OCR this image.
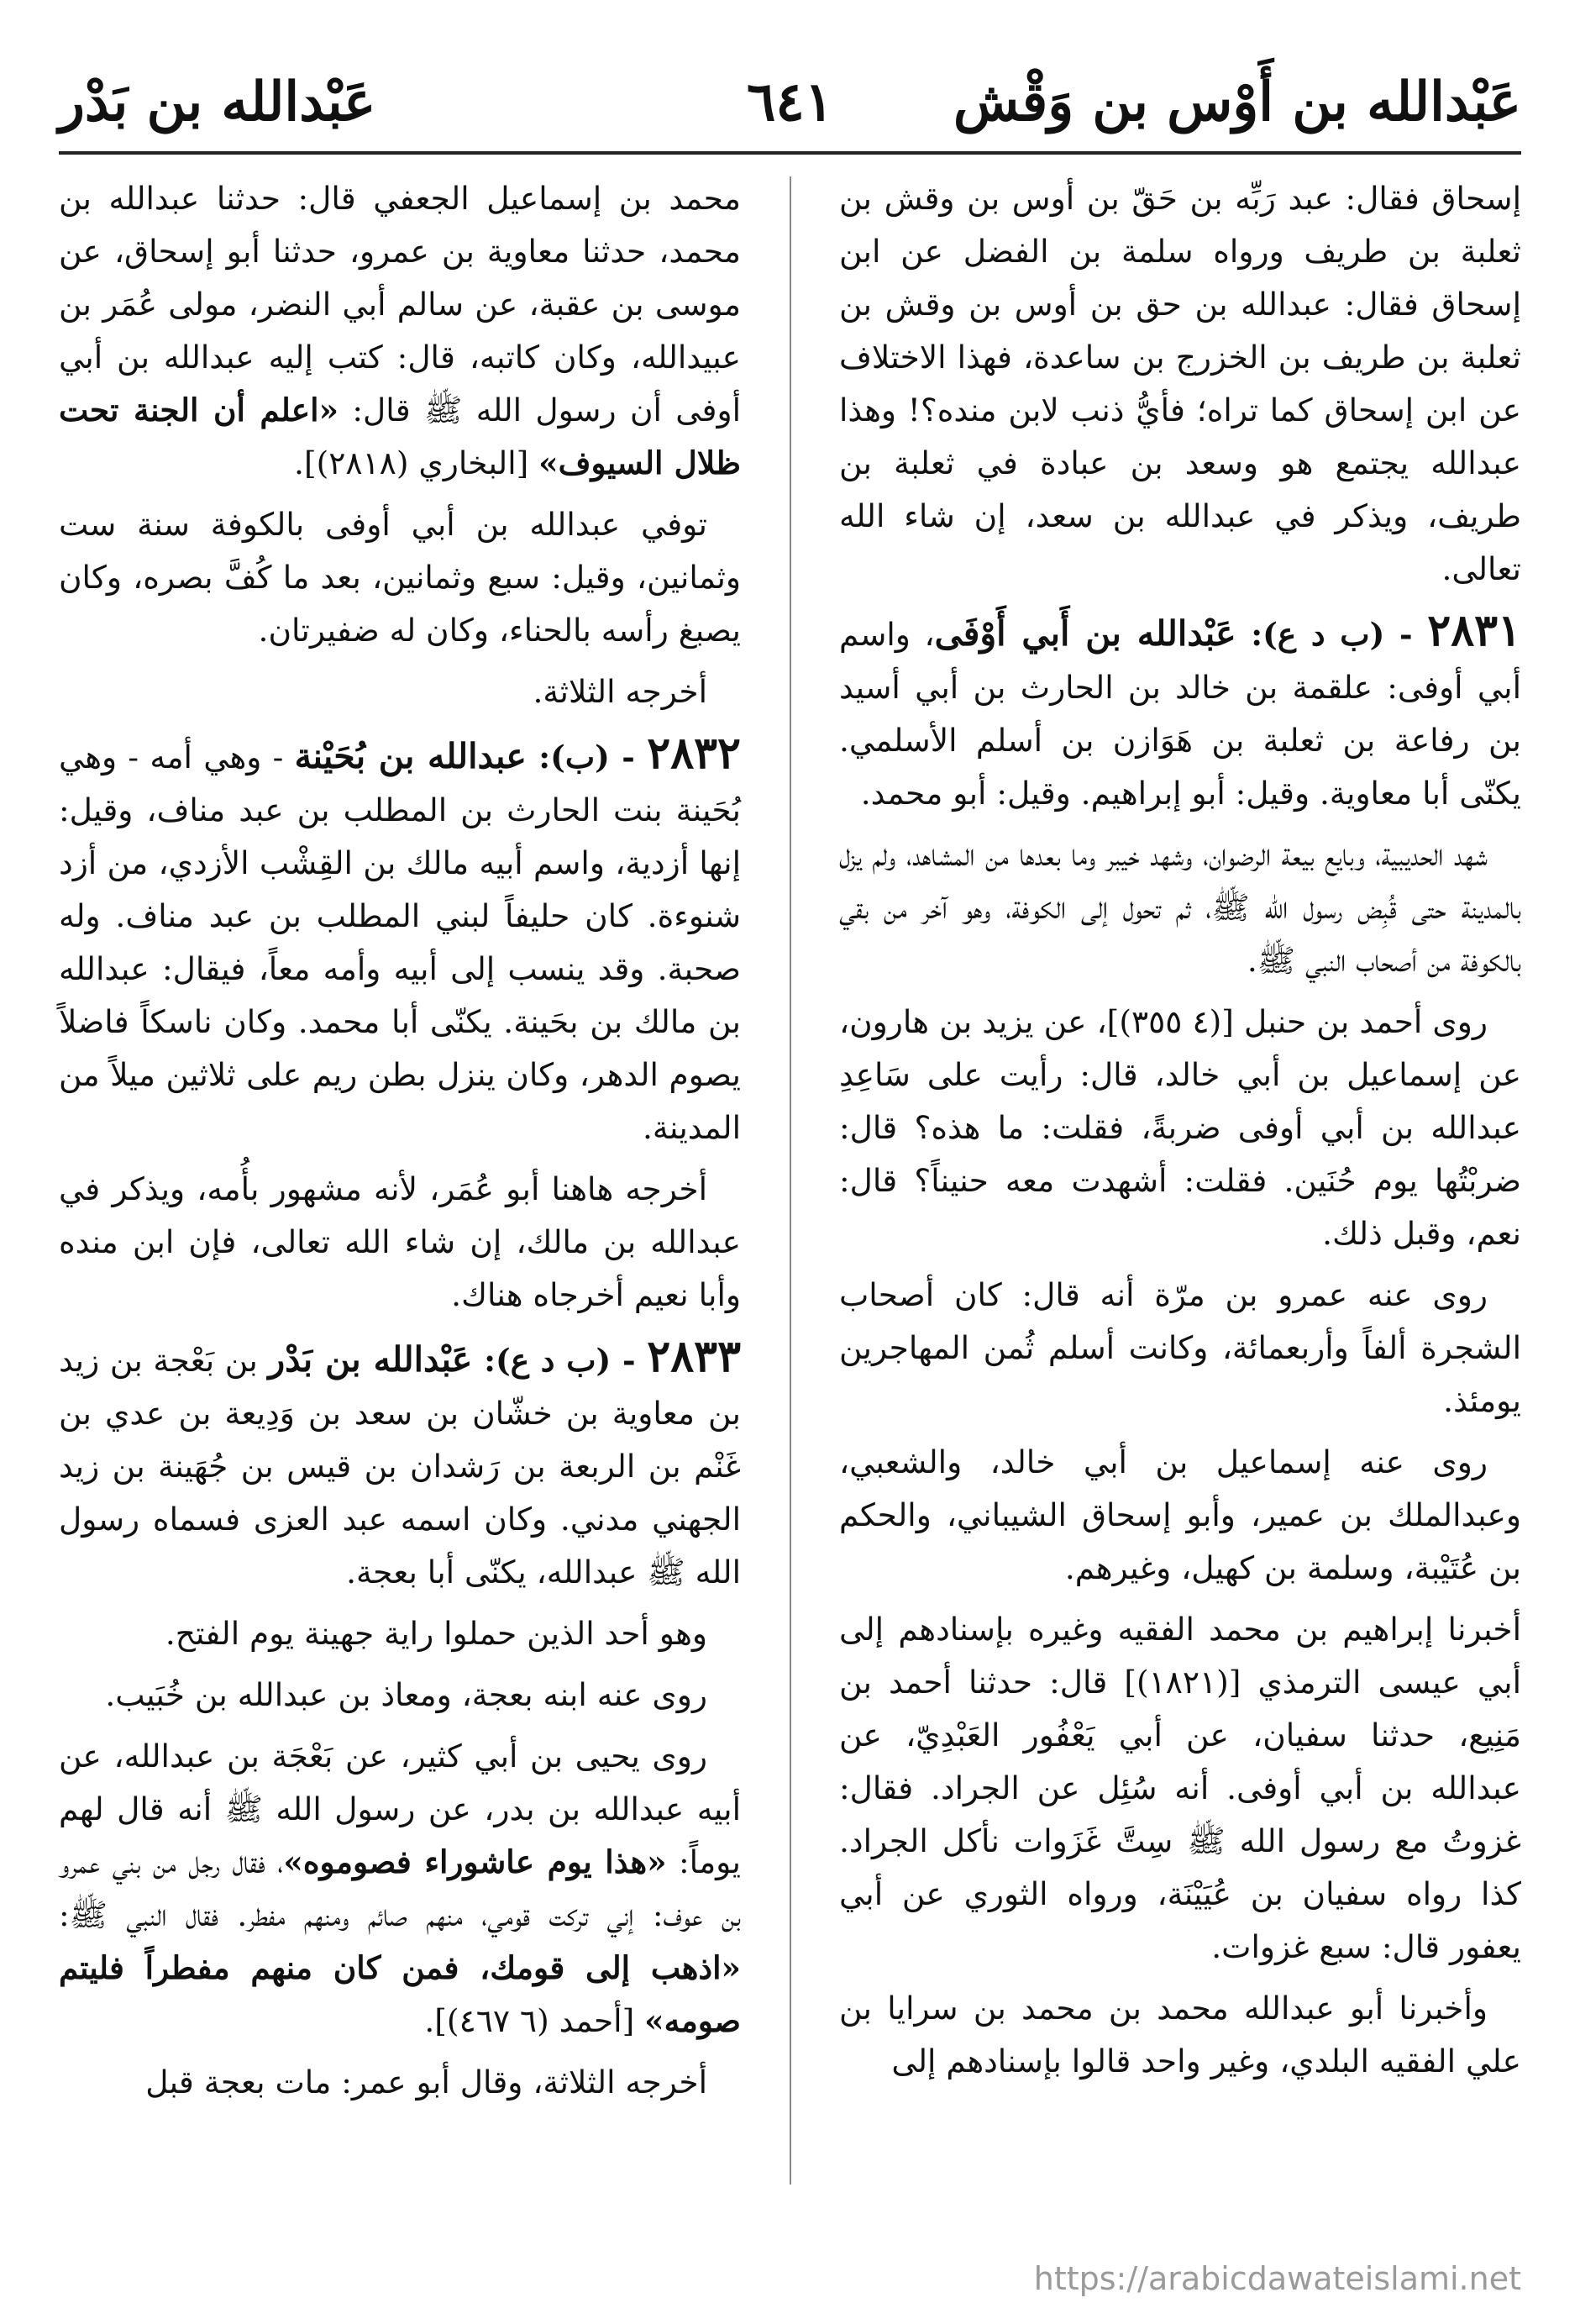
عَبْدالله بن أَوْس بن وَقْش
٦٤١
عَبْدالله بن بَدْر

إسحاق فقال: عبد رَبِّه بن حَقّ بن أوس بن وقش بن ثعلبة بن طريف ورواه سلمة بن الفضل عن ابن إسحاق فقال: عبدالله بن حق بن أوس بن وقش بن ثعلبة بن طريف بن الخزرج بن ساعدة، فهذا الاختلاف عن ابن إسحاق كما تراه؛ فأيُّ ذنب لابن منده؟! وهذا عبدالله يجتمع هو وسعد بن عبادة في ثعلبة بن طريف، ويذكر في عبدالله بن سعد، إن شاء الله تعالى.

٢٨٣١ - (ب د ع): عَبْدالله بن أَبي أَوْفَى، واسم أبي أوفى: علقمة بن خالد بن الحارث بن أبي أسيد بن رفاعة بن ثعلبة بن هَوَازن بن أسلم الأسلمي. يكنّى أبا معاوية. وقيل: أبو إبراهيم. وقيل: أبو محمد.

شهد الحديبية، وبايع بيعة الرضوان، وشهد خيبر وما بعدها من المشاهد، ولم يزل بالمدينة حتى قُبِض رسول الله ﷺ، ثم تحول إلى الكوفة، وهو آخر من بقي بالكوفة من أصحاب النبي ﷺ.

روى أحمد بن حنبل [(٤ ٣٥٥)]، عن يزيد بن هارون، عن إسماعيل بن أبي خالد، قال: رأيت على سَاعِدِ عبدالله بن أبي أوفى ضربةً، فقلت: ما هذه؟ قال: ضربْتُها يوم حُنَين. فقلت: أشهدت معه حنيناً؟ قال: نعم، وقبل ذلك.

روى عنه عمرو بن مرّة أنه قال: كان أصحاب الشجرة ألفاً وأربعمائة، وكانت أسلم ثُمن المهاجرين يومئذ.

روى عنه إسماعيل بن أبي خالد، والشعبي، وعبدالملك بن عمير، وأبو إسحاق الشيباني، والحكم بن عُتَيْبة، وسلمة بن كهيل، وغيرهم.

أخبرنا إبراهيم بن محمد الفقيه وغيره بإسنادهم إلى أبي عيسى الترمذي [(١٨٢١)] قال: حدثنا أحمد بن مَنِيع، حدثنا سفيان، عن أبي يَعْفُور العَبْدِيّ، عن عبدالله بن أبي أوفى. أنه سُئِل عن الجراد. فقال: غزوتُ مع رسول الله ﷺ سِتَّ غَزَوات نأكل الجراد. كذا رواه سفيان بن عُيَيْنَة، ورواه الثوري عن أبي يعفور قال: سبع غزوات.

وأخبرنا أبو عبدالله محمد بن محمد بن سرايا بن علي الفقيه البلدي، وغير واحد قالوا بإسنادهم إلى

محمد بن إسماعيل الجعفي قال: حدثنا عبدالله بن محمد، حدثنا معاوية بن عمرو، حدثنا أبو إسحاق، عن موسى بن عقبة، عن سالم أبي النضر، مولى عُمَر بن عبيدالله، وكان كاتبه، قال: كتب إليه عبدالله بن أبي أوفى أن رسول الله ﷺ قال: «اعلم أن الجنة تحت ظلال السيوف» [البخاري (٢٨١٨)].

توفي عبدالله بن أبي أوفى بالكوفة سنة ست وثمانين، وقيل: سبع وثمانين، بعد ما كُفَّ بصره، وكان يصبغ رأسه بالحناء، وكان له ضفيرتان.

أخرجه الثلاثة.

٢٨٣٢ - (ب): عبدالله بن بُحَيْنة - وهي أمه - وهي بُحَينة بنت الحارث بن المطلب بن عبد مناف، وقيل: إنها أزدية، واسم أبيه مالك بن القِشْب الأزدي، من أزد شنوءة. كان حليفاً لبني المطلب بن عبد مناف. وله صحبة. وقد ينسب إلى أبيه وأمه معاً، فيقال: عبدالله بن مالك بن بحَينة. يكنّى أبا محمد. وكان ناسكاً فاضلاً يصوم الدهر، وكان ينزل بطن ريم على ثلاثين ميلاً من المدينة.

أخرجه هاهنا أبو عُمَر، لأنه مشهور بأُمه، ويذكر في عبدالله بن مالك، إن شاء الله تعالى، فإن ابن منده وأبا نعيم أخرجاه هناك.

٢٨٣٣ - (ب د ع): عَبْدالله بن بَدْر بن بَعْجة بن زيد بن معاوية بن خشّان بن سعد بن وَدِيعة بن عدي بن غَنْم بن الربعة بن رَشدان بن قيس بن جُهَينة بن زيد الجهني مدني. وكان اسمه عبد العزى فسماه رسول الله ﷺ عبدالله، يكنّى أبا بعجة.

وهو أحد الذين حملوا راية جهينة يوم الفتح.

روى عنه ابنه بعجة، ومعاذ بن عبدالله بن خُبَيب.

روى يحيى بن أبي كثير، عن بَعْجَة بن عبدالله، عن أبيه عبدالله بن بدر، عن رسول الله ﷺ أنه قال لهم يوماً: «هذا يوم عاشوراء فصوموه»، فقال رجل من بني عمرو بن عوف: إني تركت قومي، منهم صائم ومنهم مفطر. فقال النبي ﷺ: «اذهب إلى قومك، فمن كان منهم مفطراً فليتم صومه» [أحمد (٦ ٤٦٧)].

أخرجه الثلاثة، وقال أبو عمر: مات بعجة قبل

https://arabicdawateislami.net
